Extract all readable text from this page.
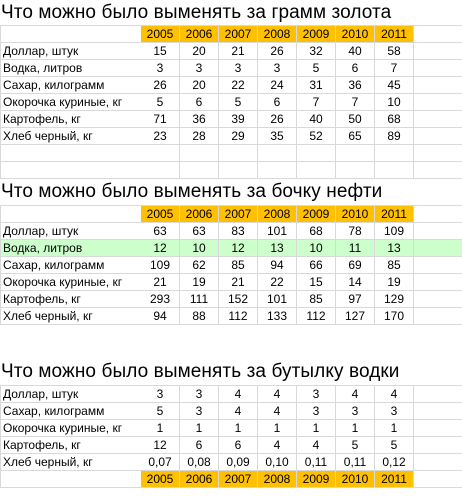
Что можно было выменять за грамм золота
	2005	2006	2007	2008	2009	2010	2011	
Доллар, штук	15	20	21	26	32	40	58	
Водка, литров	3	3	3	3	5	6	7	
Сахар, килограмм	26	20	22	24	31	36	45	
Окорочка куриные, кг	5	6	5	6	7	7	10	
Картофель, кг	71	36	39	26	40	50	68	
Хлеб черный, кг	23	28	29	35	52	65	89	

Что можно было выменять за бочку нефти
	2005	2006	2007	2008	2009	2010	2011	
Доллар, штук	63	63	83	101	68	78	109	
Водка, литров	12	10	12	13	10	11	13	
Сахар, килограмм	109	62	85	94	66	69	85	
Окорочка куриные, кг	21	19	21	22	15	14	19	
Картофель, кг	293	111	152	101	85	97	129	
Хлеб черный, кг	94	88	112	133	112	127	170	
Что можно было выменять за бутылку водки
Доллар, штук	3	3	4	4	3	4	4	
Сахар, килограмм	5	3	4	4	3	3	3	
Окорочка куриные, кг	1	1	1	1	1	1	1	
Картофель, кг	12	6	6	4	4	5	5	
Хлеб черный, кг	0,07	0,08	0,09	0,10	0,11	0,11	0,12	
	2005	2006	2007	2008	2009	2010	2011	
